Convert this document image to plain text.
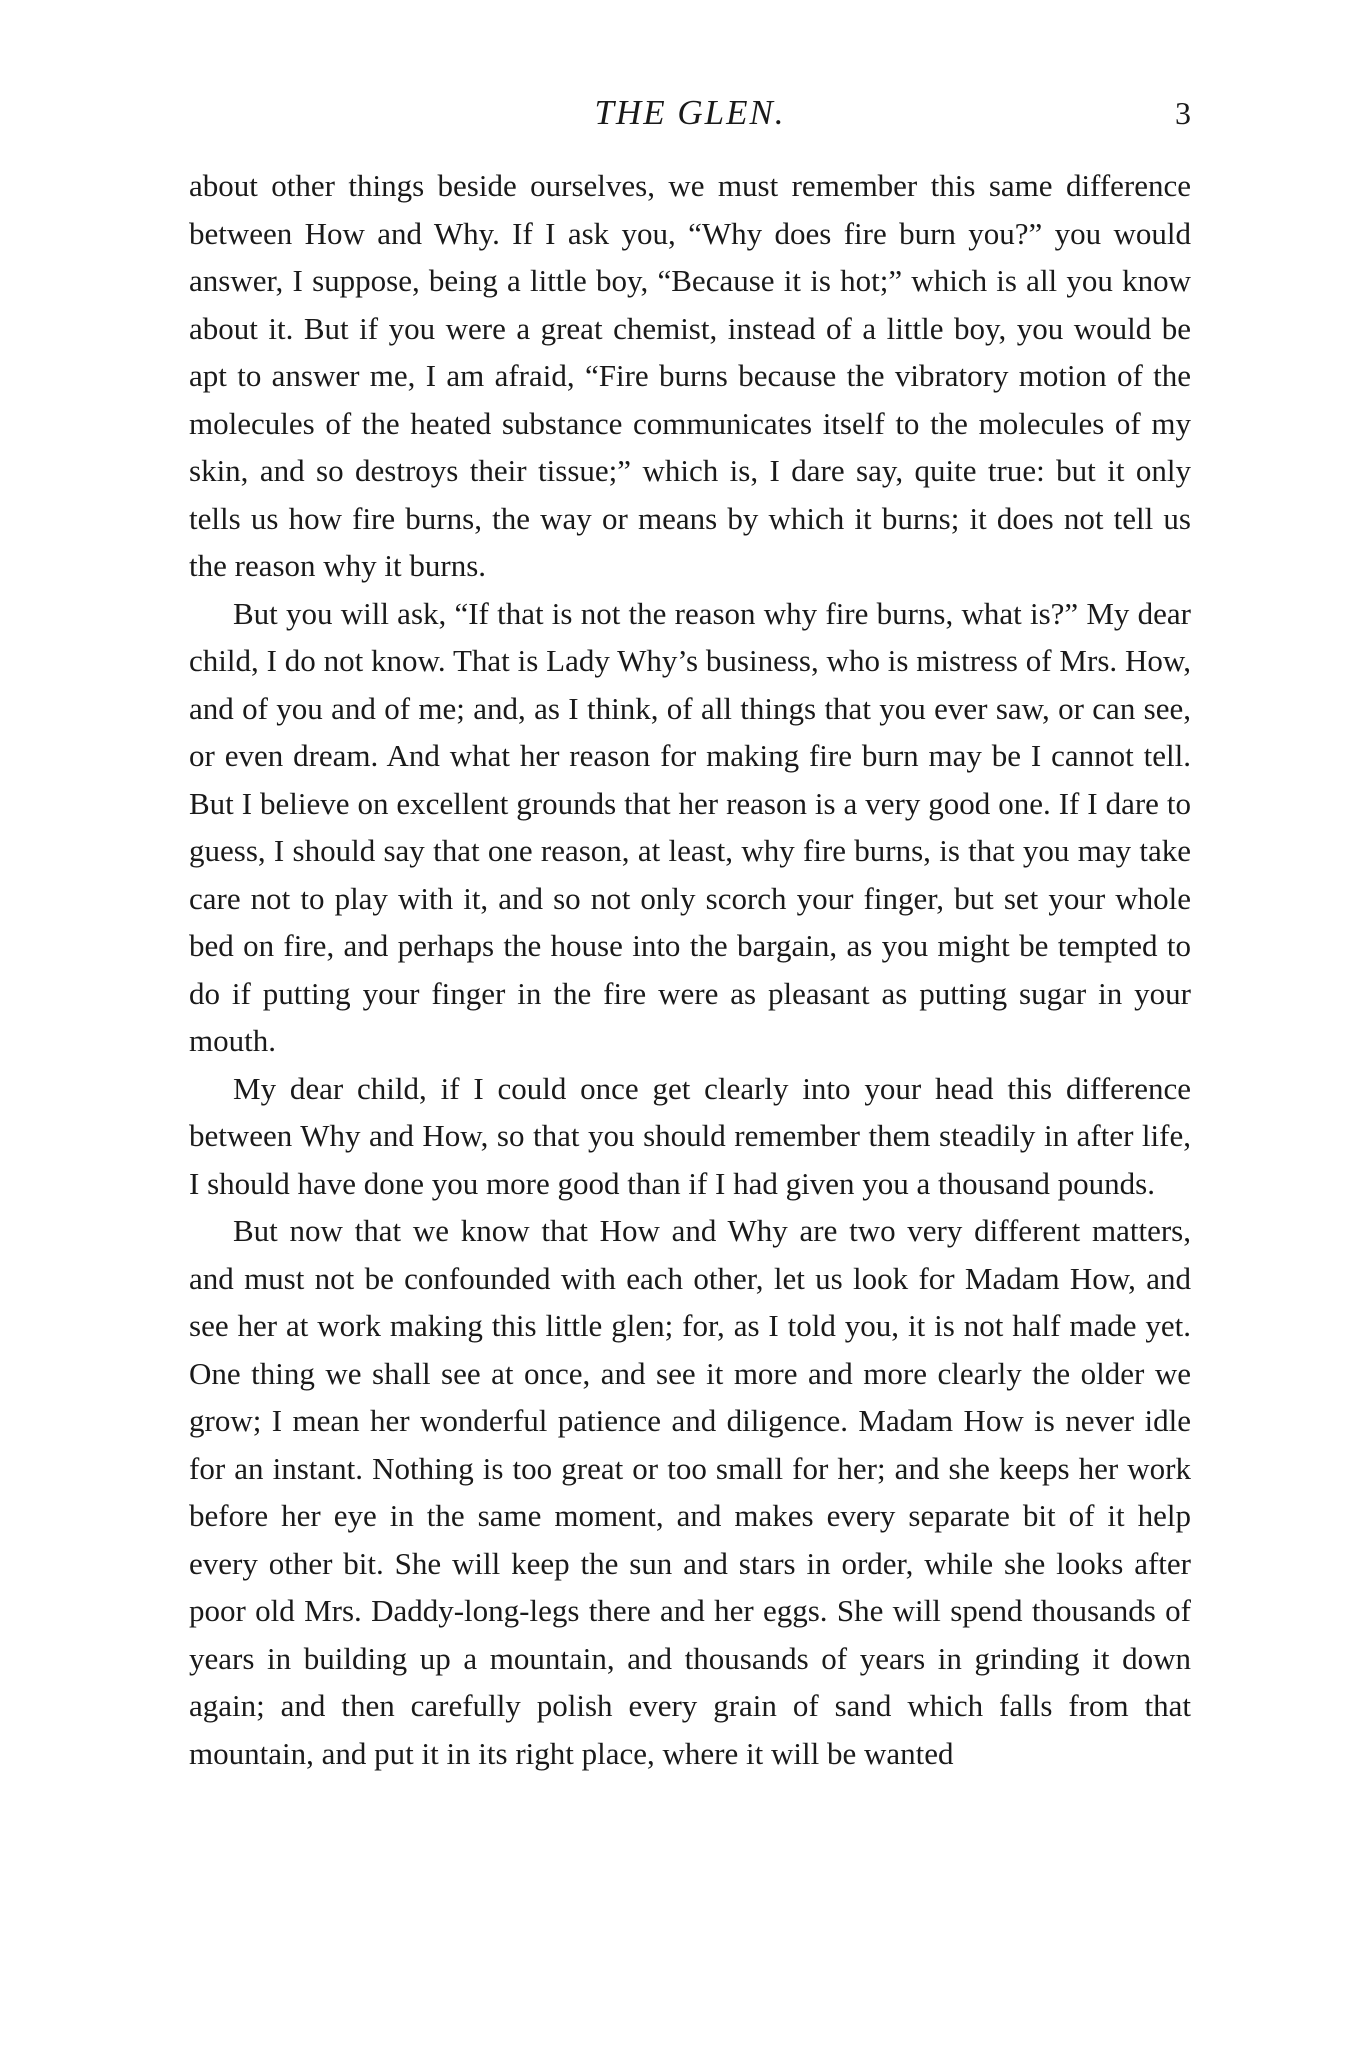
THE GLEN.	3

about other things beside ourselves, we must remember this same difference between How and Why. If I ask you, “Why does fire burn you?” you would answer, I suppose, being a little boy, “Because it is hot;” which is all you know about it. But if you were a great chemist, instead of a little boy, you would be apt to answer me, I am afraid, “Fire burns because the vibratory motion of the molecules of the heated substance communicates itself to the molecules of my skin, and so destroys their tissue;” which is, I dare say, quite true: but it only tells us how fire burns, the way or means by which it burns; it does not tell us the reason why it burns.

But you will ask, “If that is not the reason why fire burns, what is?” My dear child, I do not know. That is Lady Why’s business, who is mistress of Mrs. How, and of you and of me; and, as I think, of all things that you ever saw, or can see, or even dream. And what her reason for making fire burn may be I cannot tell. But I believe on excellent grounds that her reason is a very good one. If I dare to guess, I should say that one reason, at least, why fire burns, is that you may take care not to play with it, and so not only scorch your finger, but set your whole bed on fire, and perhaps the house into the bargain, as you might be tempted to do if putting your finger in the fire were as pleasant as putting sugar in your mouth.

My dear child, if I could once get clearly into your head this difference between Why and How, so that you should remember them steadily in after life, I should have done you more good than if I had given you a thousand pounds.

But now that we know that How and Why are two very different matters, and must not be confounded with each other, let us look for Madam How, and see her at work making this little glen; for, as I told you, it is not half made yet. One thing we shall see at once, and see it more and more clearly the older we grow; I mean her wonderful patience and diligence. Madam How is never idle for an instant. Nothing is too great or too small for her; and she keeps her work before her eye in the same moment, and makes every separate bit of it help every other bit. She will keep the sun and stars in order, while she looks after poor old Mrs. Daddy-long-legs there and her eggs. She will spend thousands of years in building up a mountain, and thousands of years in grinding it down again; and then carefully polish every grain of sand which falls from that mountain, and put it in its right place, where it will be wanted
